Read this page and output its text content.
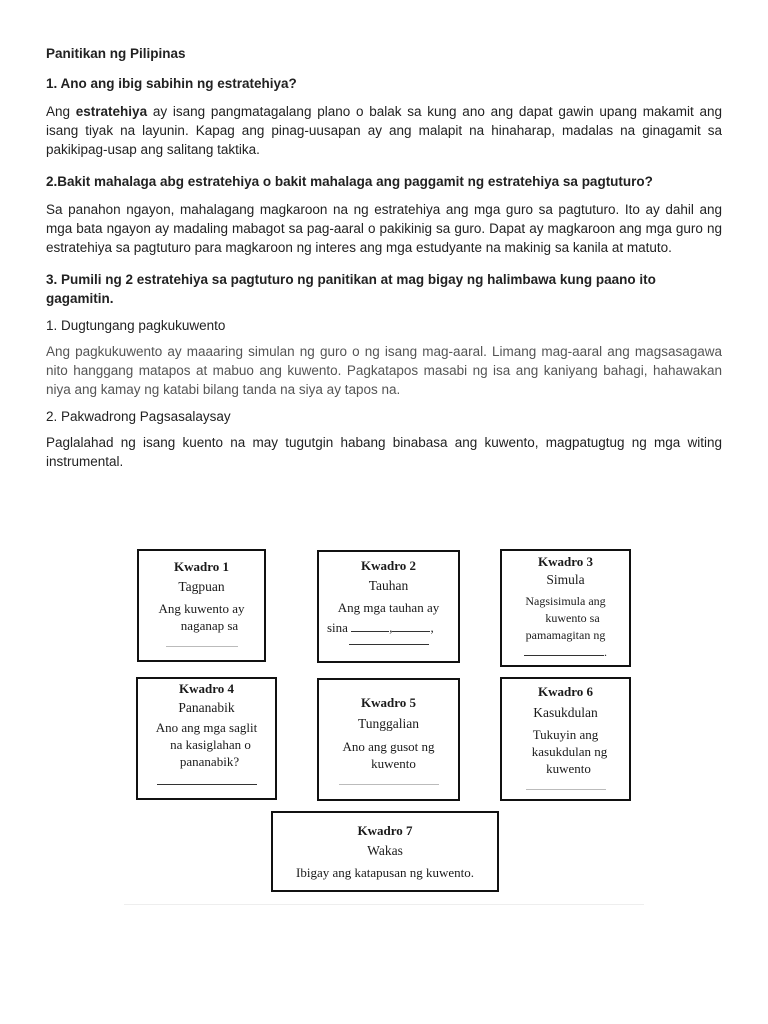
Panitikan ng Pilipinas
1. Ano ang ibig sabihin ng estratehiya?
Ang estratehiya ay isang pangmatagalang plano o balak sa kung ano ang dapat gawin upang makamit ang isang tiyak na layunin. Kapag ang pinag-uusapan ay ang malapit na hinaharap, madalas na ginagamit sa pakikipag-usap ang salitang taktika.
2.Bakit mahalaga abg estratehiya o bakit mahalaga ang paggamit ng estratehiya sa pagtuturo?
Sa panahon ngayon, mahalagang magkaroon na ng estratehiya ang mga guro sa pagtuturo. Ito ay dahil ang mga bata ngayon ay madaling mabagot sa pag-aaral o pakikinig sa guro. Dapat ay magkaroon ang mga guro ng estratehiya sa pagtuturo para magkaroon ng interes ang mga estudyante na makinig sa kanila at matuto.
3. Pumili ng 2 estratehiya sa pagtuturo ng panitikan at mag bigay ng halimbawa kung paano ito gagamitin.
1. Dugtungang pagkukuwento
Ang pagkukuwento ay maaaring simulan ng guro o ng isang mag-aaral. Limang mag-aaral ang magsasagawa nito hanggang matapos at mabuo ang kuwento. Pagkatapos masabi ng isa ang kaniyang bahagi, hahawakan niya ang kamay ng katabi bilang tanda na siya ay tapos na.
2. Pakwadrong Pagsasalaysay
Paglalahad ng isang kuento na may tugutgin habang binabasa ang kuwento, magpatugtug ng mga witing instrumental.
Kwadro 1
Tagpuan
Ang kuwento ay
naganap sa
Kwadro 2
Tauhan
Ang mga tauhan ay
sina	,	,
Kwadro 3
Simula
Nagsisimula ang
kuwento sa
pamamagitan ng
.
Kwadro 4
Pananabik
Ano ang mga saglit
na kasiglahan o
pananabik?
Kwadro 5
Tunggalian
Ano ang gusot ng
kuwento
Kwadro 6
Kasukdulan
Tukuyin ang
kasukdulan ng
kuwento
Kwadro 7
Wakas
Ibigay ang katapusan ng kuwento.
